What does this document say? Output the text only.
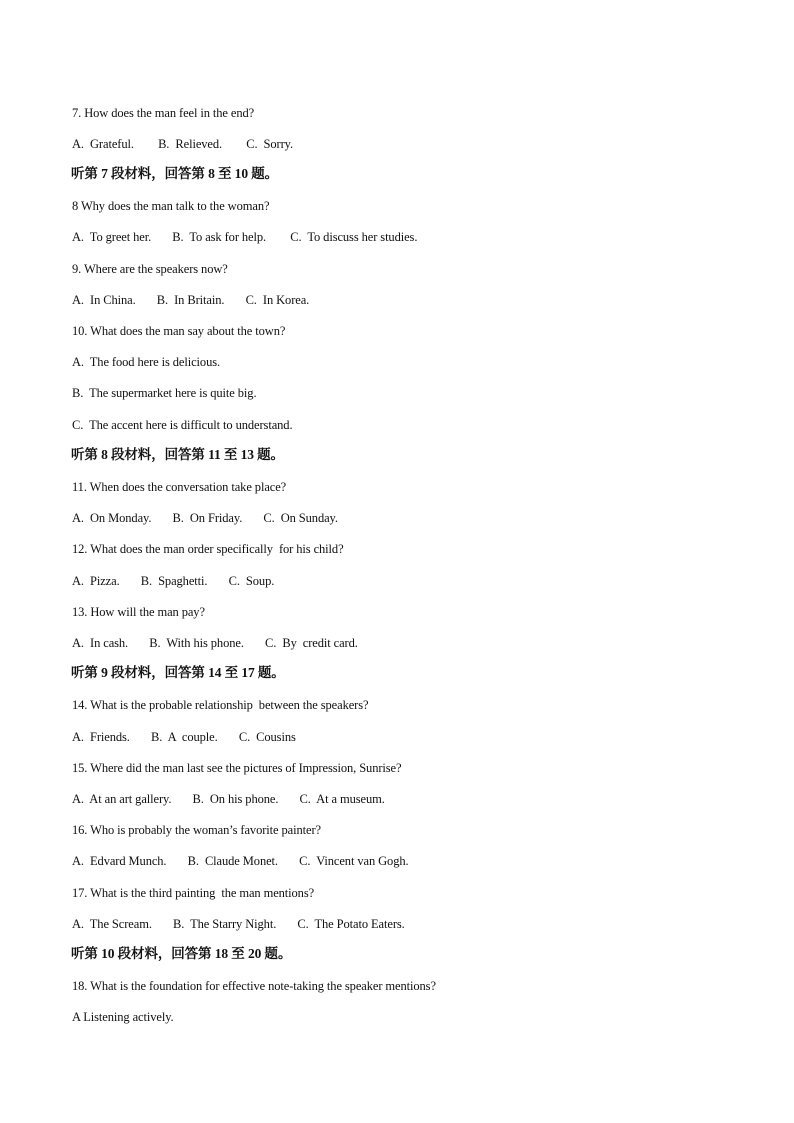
7. How does the man feel in the end?
A.  Grateful.        B.  Relieved.        C.  Sorry.
听第 7 段材料，回答第 8 至 10 题。
8 Why does the man talk to the woman?
A.  To greet her.       B.  To ask for help.        C.  To discuss her studies.
9. Where are the speakers now?
A.  In China.       B.  In Britain.       C.  In Korea.
10. What does the man say about the town?
A.  The food here is delicious.
B.  The supermarket here is quite big.
C.  The accent here is difficult to understand.
听第 8 段材料，回答第 11 至 13 题。
11. When does the conversation take place?
A.  On Monday.       B.  On Friday.       C.  On Sunday.
12. What does the man order specifically  for his child?
A.  Pizza.       B.  Spaghetti.       C.  Soup.
13. How will the man pay?
A.  In cash.       B.  With his phone.       C.  By  credit card.
听第 9 段材料，回答第 14 至 17 题。
14. What is the probable relationship  between the speakers?
A.  Friends.       B.  A  couple.       C.  Cousins
15. Where did the man last see the pictures of Impression, Sunrise?
A.  At an art gallery.       B.  On his phone.       C.  At a museum.
16. Who is probably the woman’s favorite painter?
A.  Edvard Munch.       B.  Claude Monet.       C.  Vincent van Gogh.
17. What is the third painting  the man mentions?
A.  The Scream.       B.  The Starry Night.       C.  The Potato Eaters.
听第 10 段材料，回答第 18 至 20 题。
18. What is the foundation for effective note-taking the speaker mentions?
A Listening actively.
